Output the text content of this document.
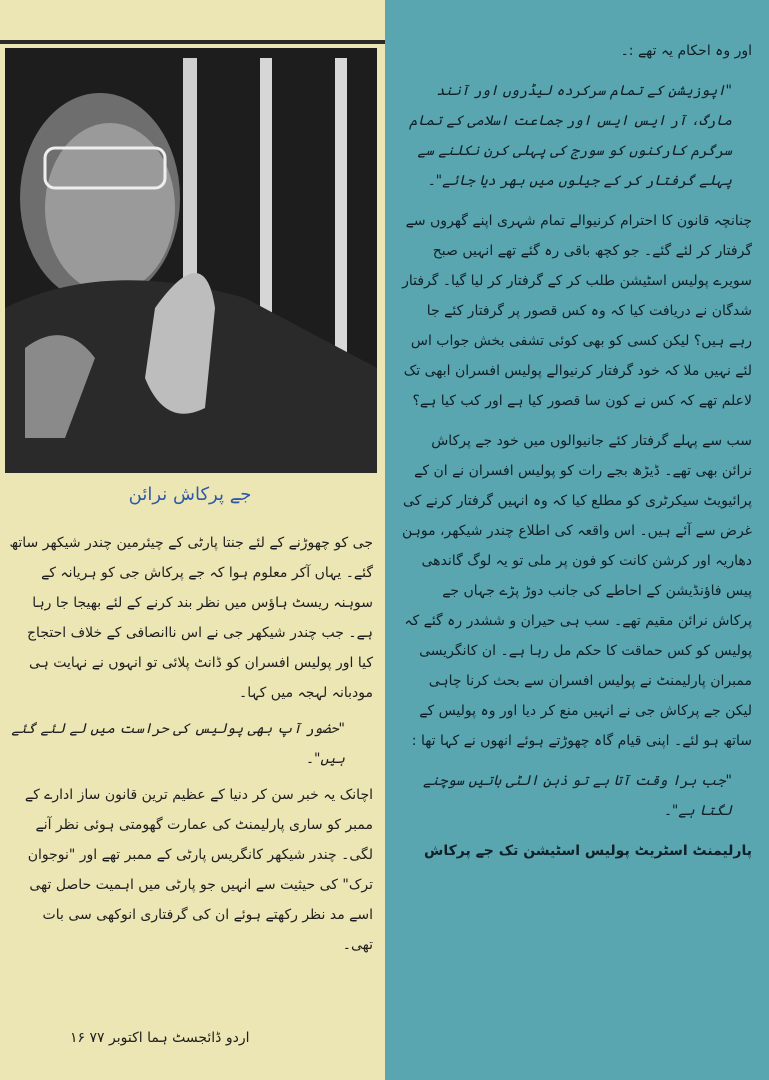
جے پرکاش نرائن

جی کو چھوڑنے کے لئے جنتا پارٹی کے چیئرمین چندر شیکھر ساتھ گئے۔ یہاں آکر معلوم ہوا کہ جے پرکاش جی کو ہریانہ کے سوہنہ ریسٹ ہاؤس میں نظر بند کرنے کے لئے بھیجا جا رہا ہے۔ جب چندر شیکھر جی نے اس ناانصافی کے خلاف احتجاج کیا اور پولیس افسران کو ڈانٹ پلائی تو انہوں نے نہایت ہی مودبانہ لہجہ میں کہا۔

"حضور آپ بھی پولیس کی حراست میں لے لئے گئے ہیں"۔

اچانک یہ خبر سن کر دنیا کے عظیم ترین قانون ساز ادارے کے ممبر کو ساری پارلیمنٹ کی عمارت گھومتی ہوئی نظر آنے لگی۔ چندر شیکھر کانگریس پارٹی کے ممبر تھے اور "نوجوان ترک" کی حیثیت سے انہیں جو پارٹی میں اہمیت حاصل تھی اسے مد نظر رکھتے ہوئے ان کی گرفتاری انوکھی سی بات تھی۔

اردو ڈائجسٹ ہما اکتوبر ۷۷ ۱۶

اور وہ احکام یہ تھے :۔

"اپوزیشن کے تمام سرکردہ لیڈروں اور آنند مارگ، آر ایس ایس اور جماعت اسلامی کے تمام سرگرم کارکنوں کو سورج کی پہلی کرن نکلنے سے پہلے گرفتار کر کے جیلوں میں بھر دیا جائے"۔

چنانچہ قانون کا احترام کرنیوالے تمام شہری اپنے گھروں سے گرفتار کر لئے گئے۔ جو کچھ باقی رہ گئے تھے انہیں صبح سویرے پولیس اسٹیشن طلب کر کے گرفتار کر لیا گیا۔ گرفتار شدگان نے دریافت کیا کہ وہ کس قصور پر گرفتار کئے جا رہے ہیں؟ لیکن کسی کو بھی کوئی تشفی بخش جواب اس لئے نہیں ملا کہ خود گرفتار کرنیوالے پولیس افسران ابھی تک لاعلم تھے کہ کس نے کون سا قصور کیا ہے اور کب کیا ہے؟

سب سے پہلے گرفتار کئے جانیوالوں میں خود جے پرکاش نرائن بھی تھے۔ ڈیڑھ بجے رات کو پولیس افسران نے ان کے پرائیویٹ سیکرٹری کو مطلع کیا کہ وہ انہیں گرفتار کرنے کی غرض سے آئے ہیں۔ اس واقعہ کی اطلاع چندر شیکھر، موہن دھاریہ اور کرشن کانت کو فون پر ملی تو یہ لوگ گاندھی پیس فاؤنڈیشن کے احاطے کی جانب دوڑ پڑے جہاں جے پرکاش نرائن مقیم تھے۔ سب ہی حیران و ششدر رہ گئے کہ پولیس کو کس حماقت کا حکم مل رہا ہے۔ ان کانگریسی ممبران پارلیمنٹ نے پولیس افسران سے بحث کرنا چاہی لیکن جے پرکاش جی نے انہیں منع کر دیا اور وہ پولیس کے ساتھ ہو لئے۔ اپنی قیام گاہ چھوڑتے ہوئے انھوں نے کہا تھا :

"جب برا وقت آتا ہے تو ذہن الٹی باتیں سوچنے لگتا ہے"۔

پارلیمنٹ اسٹریٹ پولیس اسٹیشن تک جے پرکاش
